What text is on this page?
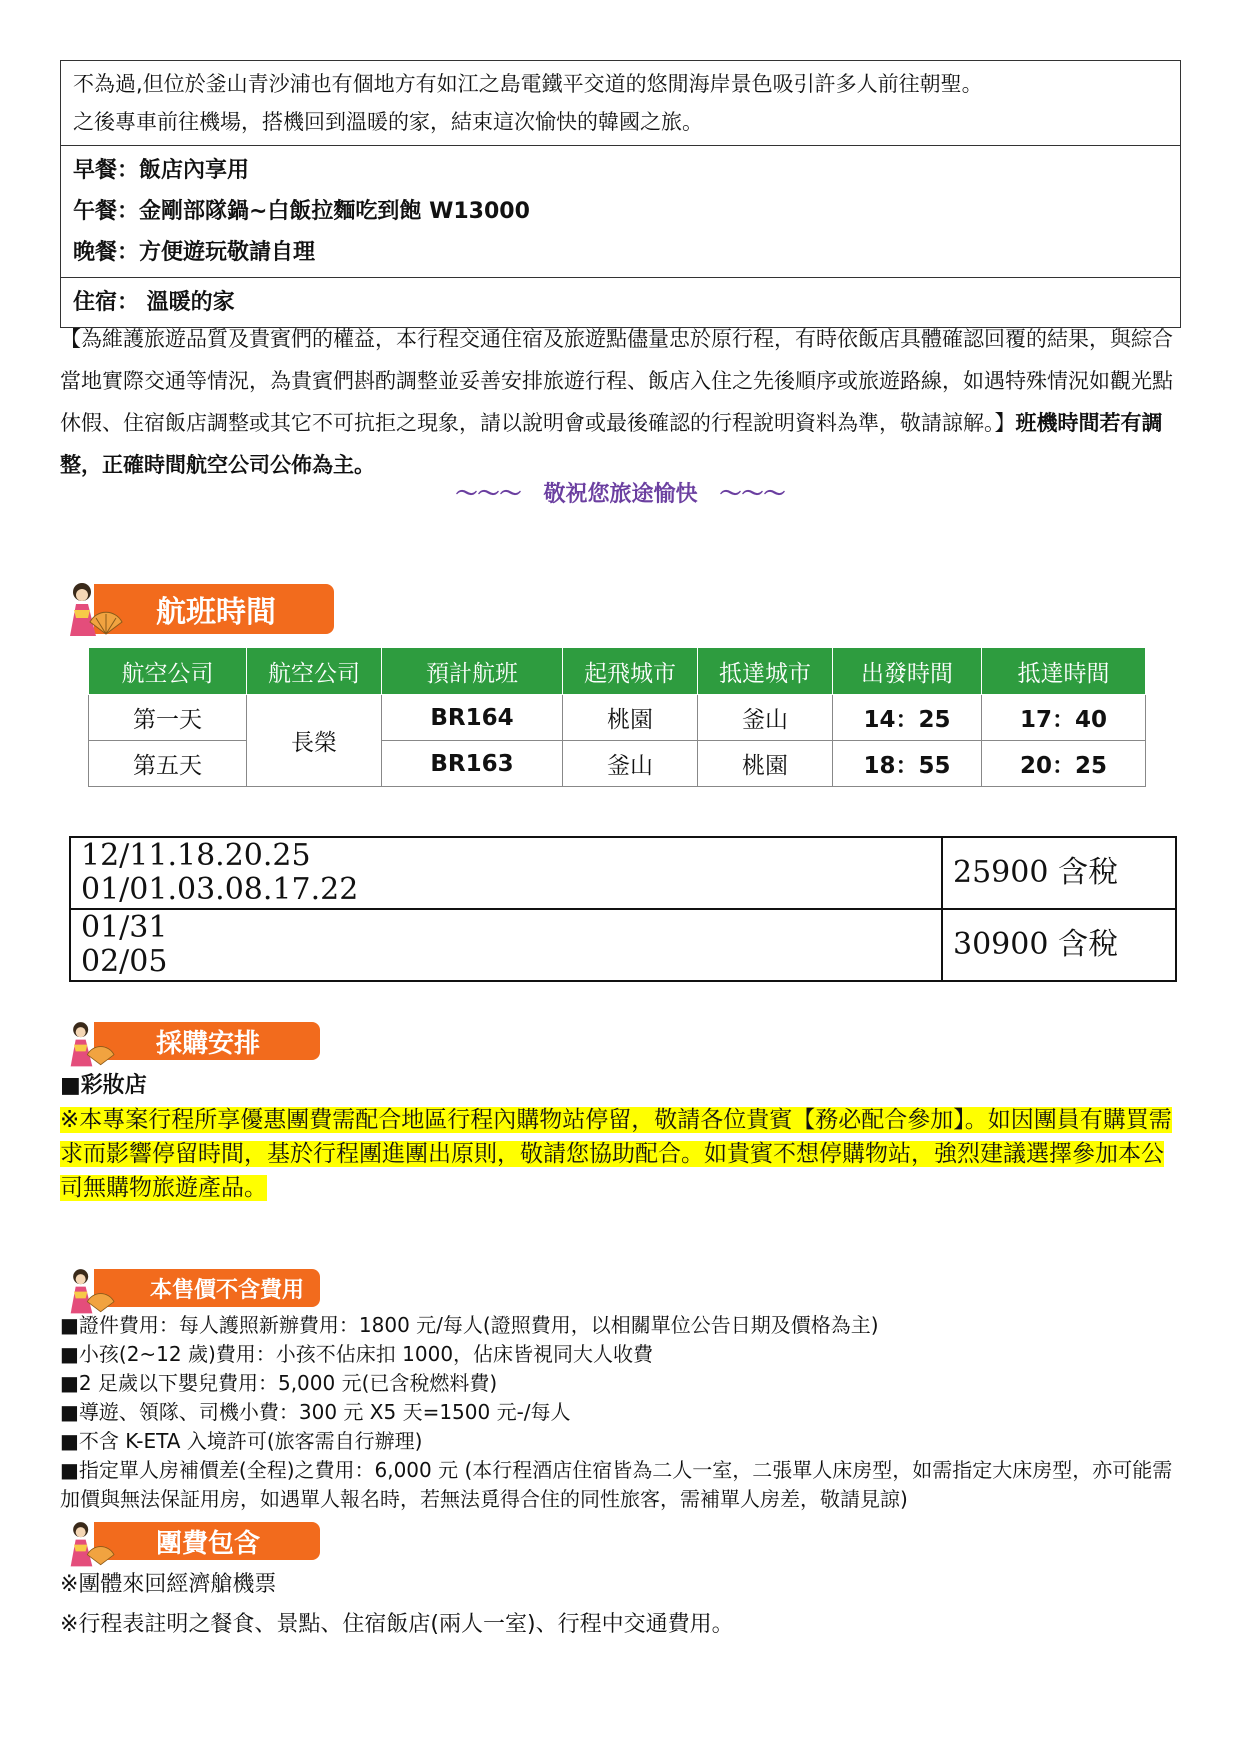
不為過,但位於釜山青沙浦也有個地方有如江之島電鐵平交道的悠閒海岸景色吸引許多人前往朝聖。
之後專車前往機場，搭機回到溫暖的家，結束這次愉快的韓國之旅。
早餐：飯店內享用
午餐：金剛部隊鍋~白飯拉麵吃到飽 W13000
晚餐：方便遊玩敬請自理
住宿： 溫暖的家
【為維護旅遊品質及貴賓們的權益，本行程交通住宿及旅遊點儘量忠於原行程，有時依飯店具體確認回覆的結果，與綜合當地實際交通等情況，為貴賓們斟酌調整並妥善安排旅遊行程、飯店入住之先後順序或旅遊路線，如遇特殊情況如觀光點休假、住宿飯店調整或其它不可抗拒之現象，請以說明會或最後確認的行程說明資料為準，敬請諒解。】班機時間若有調整，正確時間航空公司公佈為主。
～～～　敬祝您旅途愉快　～～～
航班時間
航空公司	航空公司	預計航班	起飛城市	抵達城市	出發時間	抵達時間
第一天	長榮	BR164	桃園	釜山	14：25	17：40
第五天		BR163	釜山	桃園	18：55	20：25
12/11.18.20.25
01/01.03.08.17.22	25900 含稅

01/31
02/05	30900 含稅
採購安排
■彩妝店
※本專案行程所享優惠團費需配合地區行程內購物站停留，敬請各位貴賓【務必配合參加】。如因團員有購買需求而影響停留時間，基於行程團進團出原則，敬請您協助配合。如貴賓不想停購物站，強烈建議選擇參加本公司無購物旅遊產品。
本售價不含費用
■證件費用：每人護照新辦費用：1800 元/每人(證照費用，以相關單位公告日期及價格為主)
■小孩(2~12 歲)費用：小孩不佔床扣 1000，佔床皆視同大人收費
■2 足歲以下嬰兒費用：5,000 元(已含稅燃料費)
■導遊、領隊、司機小費：300 元 X5 天=1500 元-/每人
■不含 K-ETA 入境許可(旅客需自行辦理)
■指定單人房補價差(全程)之費用：6,000 元 (本行程酒店住宿皆為二人一室，二張單人床房型，如需指定大床房型，亦可能需加價與無法保証用房，如遇單人報名時，若無法覓得合住的同性旅客，需補單人房差，敬請見諒)
團費包含
※團體來回經濟艙機票
※行程表註明之餐食、景點、住宿飯店(兩人一室)、行程中交通費用。
